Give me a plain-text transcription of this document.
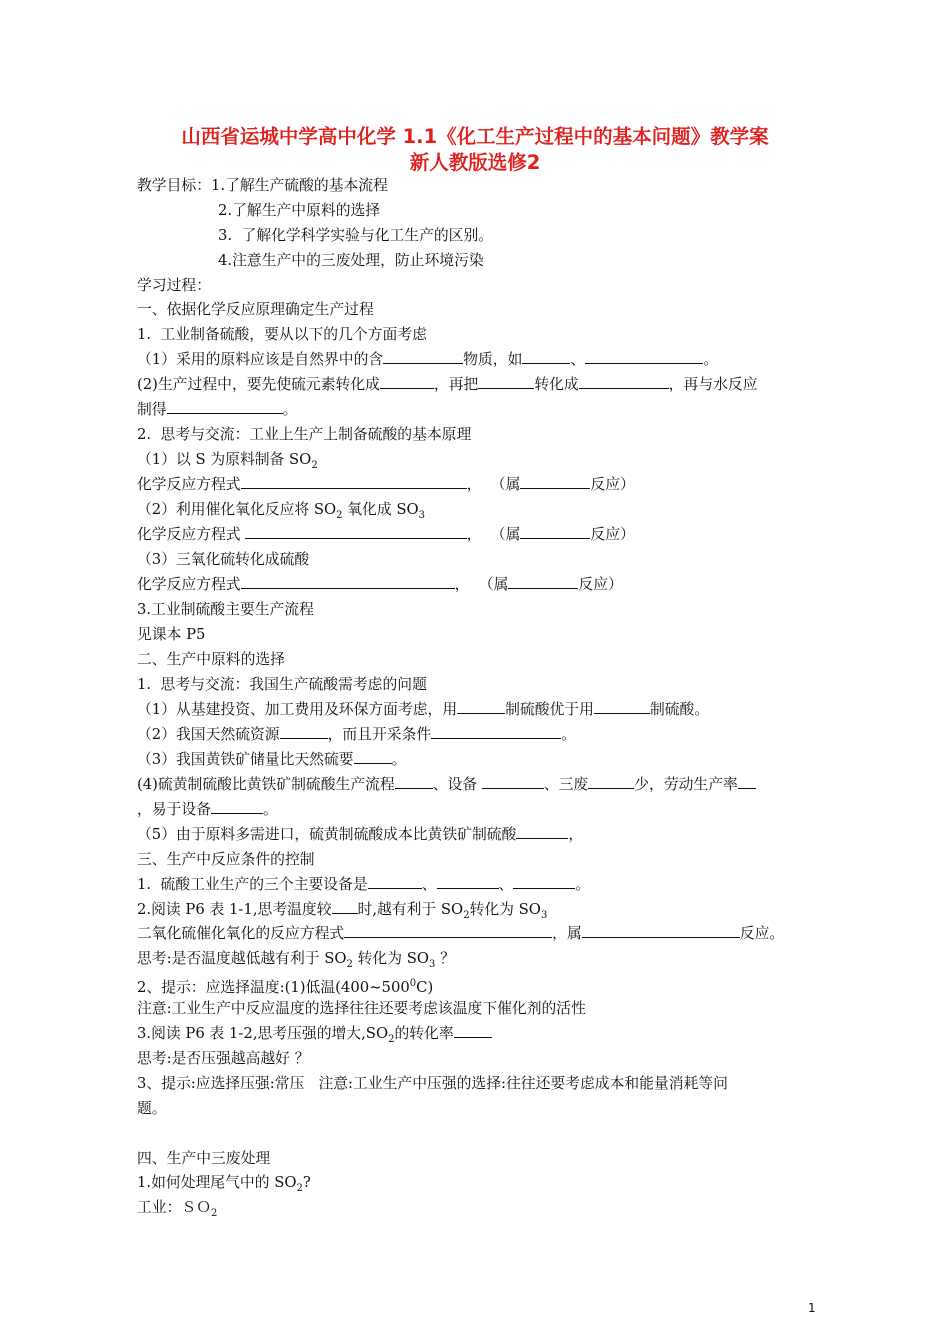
山西省运城中学高中化学 1.1《化工生产过程中的基本问题》教学案
新人教版选修2
教学目标：1.了解生产硫酸的基本流程
2.了解生产中原料的选择
3.  了解化学科学实验与化工生产的区别。
4.注意生产中的三废处理，防止环境污染
学习过程：
一、依据化学反应原理确定生产过程
1.  工业制备硫酸，要从以下的几个方面考虑
（1）采用的原料应该是自然界中的含	物质，如	、	。
(2)生产过程中，要先使硫元素转化成	，再把	转化成	，再与水反应
制得	。
2.  思考与交流：工业上生产上制备硫酸的基本原理
（1）以 S 为原料制备 $SO_2$
化学反应方程式	，  （属	反应）
（2）利用催化氧化反应将 $SO_2$ 氧化成 $SO_3$
化学反应方程式	，  （属	反应）
（3）三氧化硫转化成硫酸
化学反应方程式	，  （属	反应）
3.工业制硫酸主要生产流程
见课本 P5
二、生产中原料的选择
1.  思考与交流：我国生产硫酸需考虑的问题
（1）从基建投资、加工费用及环保方面考虑，用	制硫酸优于用	制硫酸。
（2）我国天然硫资源	，而且开采条件	。
（3）我国黄铁矿储量比天然硫要	。
(4)硫黄制硫酸比黄铁矿制硫酸生产流程	、设备	、三废	少，劳动生产率
，易于设备	。
（5）由于原料多需进口，硫黄制硫酸成本比黄铁矿制硫酸	，
三、生产中反应条件的控制
1.  硫酸工业生产的三个主要设备是	、	、	。
2.阅读 P6 表 1-1,思考温度较 时,越有利于 $SO_2$转化为 $SO_3$
二氧化硫催化氧化的反应方程式	，属	反应。
思考:是否温度越低越有利于 $SO_2$ 转化为 $SO_3$ ？
2、提示：应选择温度:(1)低温$(400\sim 500^0C)$
注意:工业生产中反应温度的选择往往还要考虑该温度下催化剂的活性
3.阅读 P6 表 1-2,思考压强的增大$,SO_2$的转化率
思考:是否压强越高越好 ？
3、提示:应选择压强:常压   注意:工业生产中压强的选择:往往还要考虑成本和能量消耗等问
题。
四、生产中三废处理
1.如何处理尾气中的 $SO_2$?
工业：ＳＯ$_2$
1
